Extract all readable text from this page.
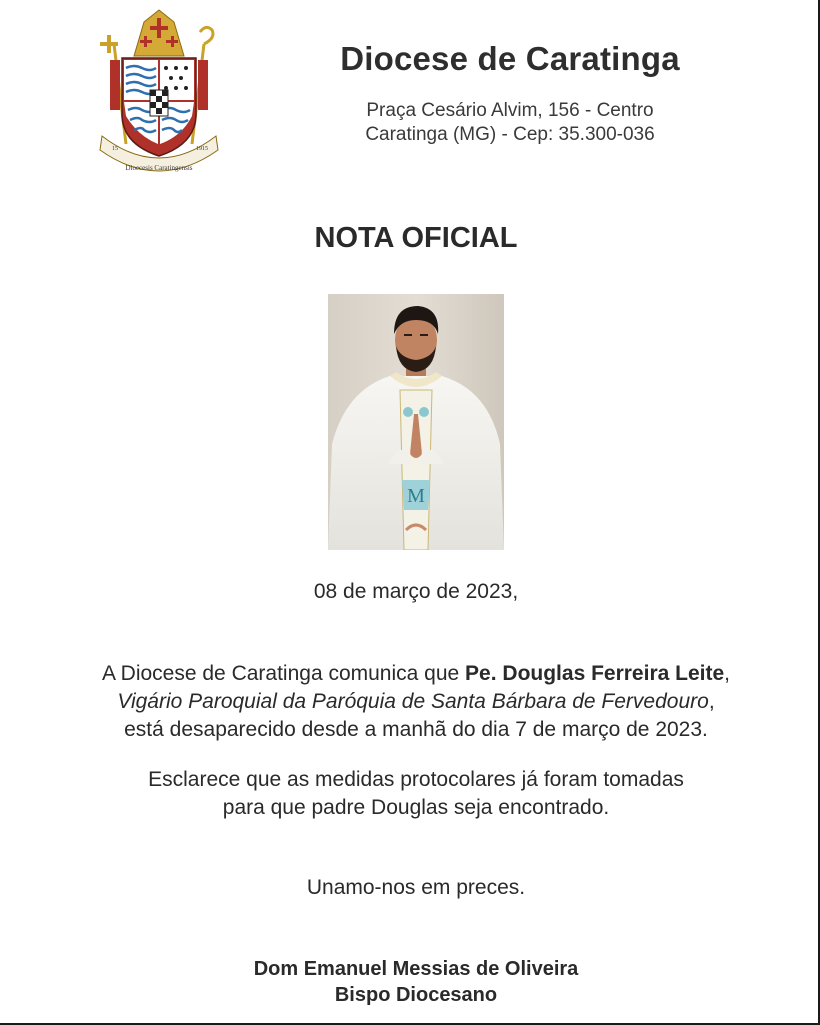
Dioecesis Caratingensis
15	1915
Diocese de Caratinga
Praça Cesário Alvim, 156 - Centro
Caratinga (MG) - Cep: 35.300-036
NOTA OFICIAL
M
08 de março de 2023,
A Diocese de Caratinga comunica que Pe. Douglas Ferreira Leite,
Vigário Paroquial da Paróquia de Santa Bárbara de Fervedouro,
está desaparecido desde a manhã do dia 7 de março de 2023.
Esclarece que as medidas protocolares já foram tomadas
para que padre Douglas seja encontrado.
Unamo-nos em preces.
Dom Emanuel Messias de Oliveira
Bispo Diocesano
